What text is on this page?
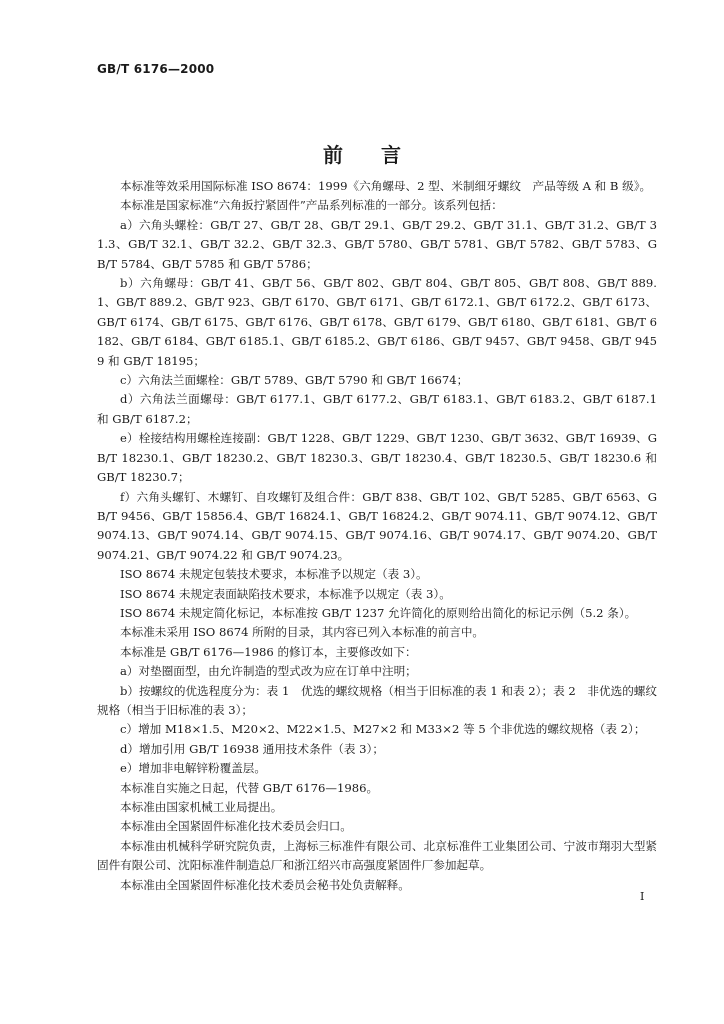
GB/T 6176—2000
前言

本标准等效采用国际标准 ISO 8674：1999《六角螺母、2 型、米制细牙螺纹　产品等级 A 和 B 级》。

本标准是国家标准“六角扳拧紧固件”产品系列标准的一部分。该系列包括：

a）六角头螺栓：GB/T 27、GB/T 28、GB/T 29.1、GB/T 29.2、GB/T 31.1、GB/T 31.2、GB/T 31.3、GB/T 32.1、GB/T 32.2、GB/T 32.3、GB/T 5780、GB/T 5781、GB/T 5782、GB/T 5783、GB/T 5784、GB/T 5785 和 GB/T 5786；

b）六角螺母：GB/T 41、GB/T 56、GB/T 802、GB/T 804、GB/T 805、GB/T 808、GB/T 889.1、GB/T 889.2、GB/T 923、GB/T 6170、GB/T 6171、GB/T 6172.1、GB/T 6172.2、GB/T 6173、GB/T 6174、GB/T 6175、GB/T 6176、GB/T 6178、GB/T 6179、GB/T 6180、GB/T 6181、GB/T 6182、GB/T 6184、GB/T 6185.1、GB/T 6185.2、GB/T 6186、GB/T 9457、GB/T 9458、GB/T 9459 和 GB/T 18195；

c）六角法兰面螺栓：GB/T 5789、GB/T 5790 和 GB/T 16674；

d）六角法兰面螺母：GB/T 6177.1、GB/T 6177.2、GB/T 6183.1、GB/T 6183.2、GB/T 6187.1 和 GB/T 6187.2；

e）栓接结构用螺栓连接副：GB/T 1228、GB/T 1229、GB/T 1230、GB/T 3632、GB/T 16939、GB/T 18230.1、GB/T 18230.2、GB/T 18230.3、GB/T 18230.4、GB/T 18230.5、GB/T 18230.6 和 GB/T 18230.7；

f）六角头螺钉、木螺钉、自攻螺钉及组合件：GB/T 838、GB/T 102、GB/T 5285、GB/T 6563、GB/T 9456、GB/T 15856.4、GB/T 16824.1、GB/T 16824.2、GB/T 9074.11、GB/T 9074.12、GB/T 9074.13、GB/T 9074.14、GB/T 9074.15、GB/T 9074.16、GB/T 9074.17、GB/T 9074.20、GB/T 9074.21、GB/T 9074.22 和 GB/T 9074.23。

ISO 8674 未规定包装技术要求，本标准予以规定（表 3）。

ISO 8674 未规定表面缺陷技术要求，本标准予以规定（表 3）。

ISO 8674 未规定简化标记，本标准按 GB/T 1237 允许简化的原则给出简化的标记示例（5.2 条）。

本标准未采用 ISO 8674 所附的目录，其内容已列入本标准的前言中。

本标准是 GB/T 6176—1986 的修订本，主要修改如下：

a）对垫圈面型，由允许制造的型式改为应在订单中注明；

b）按螺纹的优选程度分为：表 1　优选的螺纹规格（相当于旧标准的表 1 和表 2）；表 2　非优选的螺纹规格（相当于旧标准的表 3）；

c）增加 M18×1.5、M20×2、M22×1.5、M27×2 和 M33×2 等 5 个非优选的螺纹规格（表 2）；

d）增加引用 GB/T 16938 通用技术条件（表 3）；

e）增加非电解锌粉覆盖层。

本标准自实施之日起，代替 GB/T 6176—1986。

本标准由国家机械工业局提出。

本标准由全国紧固件标准化技术委员会归口。

本标准由机械科学研究院负责，上海标三标准件有限公司、北京标准件工业集团公司、宁波市翔羽大型紧固件有限公司、沈阳标准件制造总厂和浙江绍兴市高强度紧固件厂参加起草。

本标准由全国紧固件标准化技术委员会秘书处负责解释。

I
